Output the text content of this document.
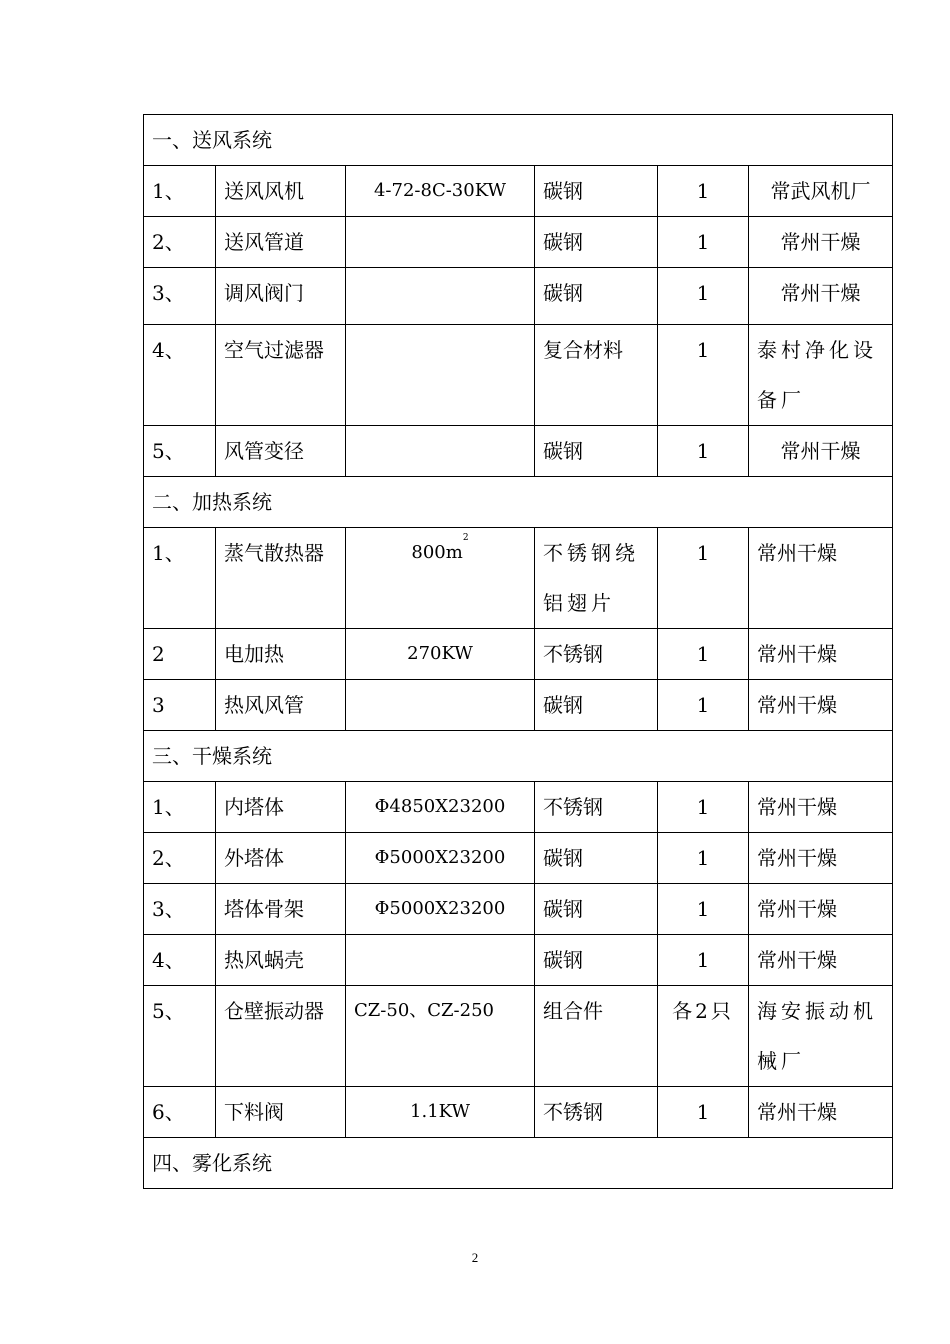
一、送风系统					
1、	送风风机	4-72-8C-30KW	碳钢	1	常武风机厂
2、	送风管道		碳钢	1	常州干燥
3、	调风阀门		碳钢	1	常州干燥
4、	空气过滤器		复合材料	1	泰村净化设备厂
5、	风管变径		碳钢	1	常州干燥
二、加热系统					
1、	蒸气散热器	$800m^2$	不锈钢绕铝翅片	1	常州干燥
2	电加热	270KW	不锈钢	1	常州干燥
3	热风风管		碳钢	1	常州干燥
三、干燥系统					
1、	内塔体	Φ4850X23200	不锈钢	1	常州干燥
2、	外塔体	Φ5000X23200	碳钢	1	常州干燥
3、	塔体骨架	Φ5000X23200	碳钢	1	常州干燥
4、	热风蜗壳		碳钢	1	常州干燥
5、	仓壁振动器	CZ-50、CZ-250	组合件	各2只	海安振动机械厂
6、	下料阀	1.1KW	不锈钢	1	常州干燥
四、雾化系统					
2
